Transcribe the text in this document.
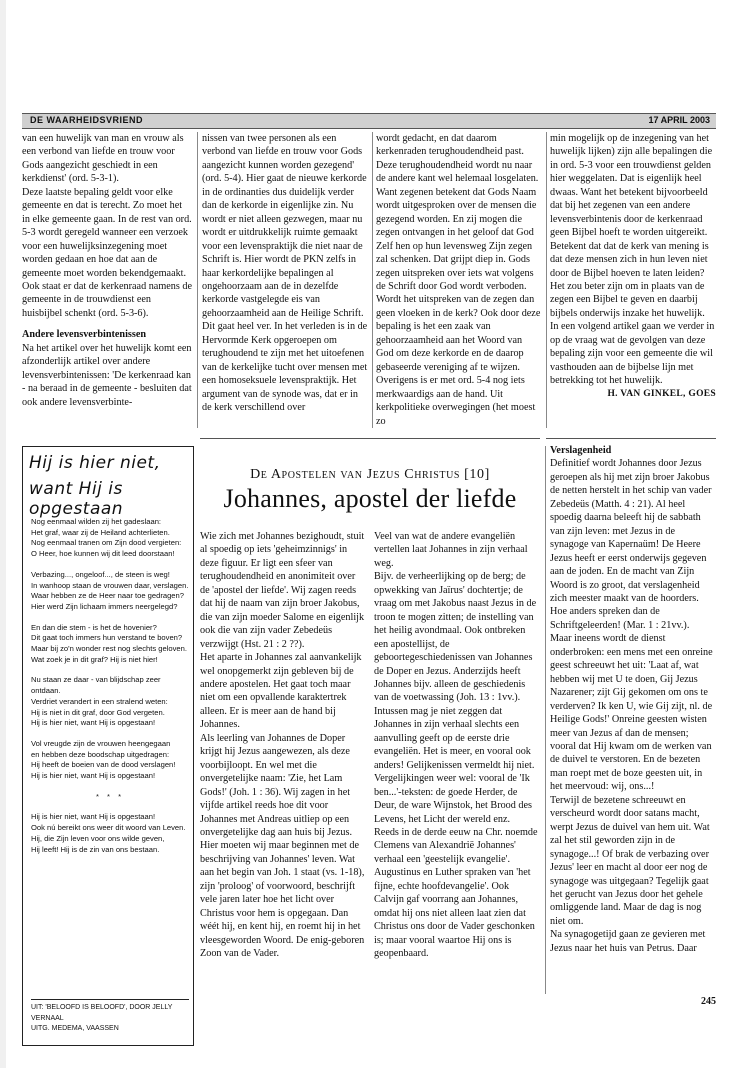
DE WAARHEIDSVRIEND	17 APRIL 2003

van een huwelijk van man en vrouw als een verbond van liefde en trouw voor Gods aangezicht geschiedt in een kerkdienst' (ord. 5-3-1).

Deze laatste bepaling geldt voor elke gemeente en dat is terecht. Zo moet het in elke gemeente gaan. In de rest van ord. 5-3 wordt geregeld wanneer een verzoek voor een huwelijksinzegening moet worden gedaan en hoe dat aan de gemeente moet worden bekendgemaakt. Ook staat er dat de kerkenraad namens de gemeente in de trouwdienst een huisbijbel schenkt (ord. 5-3-6).

Andere levensverbintenissen

Na het artikel over het huwelijk komt een afzonderlijk artikel over andere levensverbintenissen: 'De kerkenraad kan - na beraad in de gemeente - besluiten dat ook andere levensverbinte-

nissen van twee personen als een verbond van liefde en trouw voor Gods aangezicht kunnen worden gezegend' (ord. 5-4). Hier gaat de nieuwe kerkorde in de ordinanties dus duidelijk verder dan de kerkorde in eigenlijke zin. Nu wordt er niet alleen gezwegen, maar nu wordt er uitdrukkelijk ruimte gemaakt voor een levenspraktijk die niet naar de Schrift is. Hier wordt de PKN zelfs in haar kerkordelijke bepalingen al ongehoorzaam aan de in dezelfde kerkorde vastgelegde eis van gehoorzaamheid aan de Heilige Schrift.

Dit gaat heel ver. In het verleden is in de Hervormde Kerk opgeroepen om terughoudend te zijn met het uitoefenen van de kerkelijke tucht over mensen met een homoseksuele levenspraktijk. Het argument van de synode was, dat er in de kerk verschillend over

wordt gedacht, en dat daarom kerkenraden terughoudendheid past. Deze terughoudendheid wordt nu naar de andere kant wel helemaal losgelaten. Want zegenen betekent dat Gods Naam wordt uitgesproken over de mensen die gezegend worden. En zij mogen die zegen ontvangen in het geloof dat God Zelf hen op hun levensweg Zijn zegen zal schenken. Dat grijpt diep in. Gods zegen uitspreken over iets wat volgens de Schrift door God wordt verboden. Wordt het uitspreken van de zegen dan geen vloeken in de kerk? Ook door deze bepaling is het een zaak van gehoorzaamheid aan het Woord van God om deze kerkorde en de daarop gebaseerde vereniging af te wijzen.

Overigens is er met ord. 5-4 nog iets merkwaardigs aan de hand. Uit kerkpolitieke overwegingen (het moest zo

min mogelijk op de inzegening van het huwelijk lijken) zijn alle bepalingen die in ord. 5-3 voor een trouwdienst gelden hier weggelaten. Dat is eigenlijk heel dwaas. Want het betekent bijvoorbeeld dat bij het zegenen van een andere levensverbintenis door de kerkenraad geen Bijbel hoeft te worden uitgereikt. Betekent dat dat de kerk van mening is dat deze mensen zich in hun leven niet door de Bijbel hoeven te laten leiden? Het zou beter zijn om in plaats van de zegen een Bijbel te geven en daarbij bijbels onderwijs inzake het huwelijk.

In een volgend artikel gaan we verder in op de vraag wat de gevolgen van deze bepaling zijn voor een gemeente die wil vasthouden aan de bijbelse lijn met betrekking tot het huwelijk.

H. VAN GINKEL, GOES

Hij is hier niet,
want Hij is opgestaan
Nog eenmaal wilden zij het gadeslaan:
Het graf, waar zij de Heiland achterlieten.
Nog eenmaal tranen om Zijn dood vergieten:
O Heer, hoe kunnen wij dit leed doorstaan!
Verbazing..., ongeloof..., de steen is weg!
In wanhoop staan de vrouwen daar, verslagen.
Waar hebben ze de Heer naar toe gedragen?
Hier werd Zijn lichaam immers neergelegd?
En dan die stem - is het de hovenier?
Dit gaat toch immers hun verstand te boven?
Maar bij zo'n wonder rest nog slechts geloven.
Wat zoek je in dit graf? Hij is niet hier!
Nu staan ze daar - van blijdschap zeer ontdaan.
Verdriet verandert in een stralend weten:
Hij is niet in dit graf, door God vergeten.
Hij is hier niet, want Hij is opgestaan!
Vol vreugde zijn de vrouwen heengegaan
en hebben deze boodschap uitgedragen:
Hij heeft de boeien van de dood verslagen!
Hij is hier niet, want Hij is opgestaan!
* * *
Hij is hier niet, want Hij is opgestaan!
Ook nú bereikt ons weer dit woord van Leven.
Hij, die Zijn leven voor ons wilde geven,
Hij leeft! Hij is de zin van ons bestaan.
UIT: 'BELOOFD IS BELOOFD', DOOR JELLY VERNAAL
UITG. MEDEMA, VAASSEN
De Apostelen van Jezus Christus [10]
Johannes, apostel der liefde

Wie zich met Johannes bezighoudt, stuit al spoedig op iets 'geheimzinnigs' in deze figuur. Er ligt een sfeer van terughoudendheid en anonimiteit over de 'apostel der liefde'. Wij zagen reeds dat hij de naam van zijn broer Jakobus, die van zijn moeder Salome en eigenlijk ook die van zijn vader Zebedeüs verzwijgt (Hst. 21 : 2 ??).

Het aparte in Johannes zal aanvankelijk wel onopgemerkt zijn gebleven bij de andere apostelen. Het gaat toch maar niet om een opvallende karaktertrek alleen. Er is meer aan de hand bij Johannes.

Als leerling van Johannes de Doper krijgt hij Jezus aangewezen, als deze voorbijloopt. En wel met die onvergetelijke naam: 'Zie, het Lam Gods!' (Joh. 1 : 36). Wij zagen in het vijfde artikel reeds hoe dit voor Johannes met Andreas uitliep op een onvergetelijke dag aan huis bij Jezus.

Hier moeten wij maar beginnen met de beschrijving van Johannes' leven. Wat aan het begin van Joh. 1 staat (vs. 1-18), zijn 'proloog' of voorwoord, beschrijft vele jaren later hoe het licht over Christus voor hem is opgegaan. Dan wéét hij, en kent hij, en roemt hij in het vleesgeworden Woord. De enig-geboren Zoon van de Vader.

Veel van wat de andere evangeliën vertellen laat Johannes in zijn verhaal weg.

Bijv. de verheerlijking op de berg; de opwekking van Jaïrus' dochtertje; de vraag om met Jakobus naast Jezus in de troon te mogen zitten; de instelling van het heilig avondmaal. Ook ontbreken een apostellijst, de geboortegeschiedenissen van Johannes de Doper en Jezus. Anderzijds heeft Johannes bijv. alleen de geschiedenis van de voetwassing (Joh. 13 : 1vv.).

Intussen mag je niet zeggen dat Johannes in zijn verhaal slechts een aanvulling geeft op de eerste drie evangeliën. Het is meer, en vooral ook anders! Gelijkenissen vermeldt hij niet. Vergelijkingen weer wel: vooral de 'Ik ben...'-teksten: de goede Herder, de Deur, de ware Wijnstok, het Brood des Levens, het Licht der wereld enz.

Reeds in de derde eeuw na Chr. noemde Clemens van Alexandrië Johannes' verhaal een 'geestelijk evangelie'. Augustinus en Luther spraken van 'het fijne, echte hoofdevangelie'. Ook Calvijn gaf voorrang aan Johannes, omdat hij ons niet alleen laat zien dat Christus ons door de Vader geschonken is; maar vooral waartoe Hij ons is geopenbaard.

Verslagenheid

Definitief wordt Johannes door Jezus geroepen als hij met zijn broer Jakobus de netten herstelt in het schip van vader Zebedeüs (Matth. 4 : 21). Al heel spoedig daarna beleeft hij de sabbath van zijn leven: met Jezus in de synagoge van Kapernaüm! De Heere Jezus heeft er eerst onderwijs gegeven aan de joden. En de macht van Zijn Woord is zo groot, dat verslagenheid zich meester maakt van de hoorders. Hoe anders spreken dan de Schriftgeleerden! (Mar. 1 : 21vv.).

Maar ineens wordt de dienst onderbroken: een mens met een onreine geest schreeuwt het uit: 'Laat af, wat hebben wij met U te doen, Gij Jezus Nazarener; zijt Gij gekomen om ons te verderven? Ik ken U, wie Gij zijt, nl. de Heilige Gods!' Onreine geesten wisten meer van Jezus af dan de mensen; vooral dat Hij kwam om de werken van de duivel te verstoren. En de bezeten man roept met de boze geesten uit, in het meervoud: wij, ons...!

Terwijl de bezetene schreeuwt en verscheurd wordt door satans macht, werpt Jezus de duivel van hem uit. Wat zal het stil geworden zijn in de synagoge...! Of brak de verbazing over Jezus' leer en macht al door eer nog de synagoge was uitgegaan? Tegelijk gaat het gerucht van Jezus door het gehele omliggende land. Maar de dag is nog niet om.

Na synagogetijd gaan ze gevieren met Jezus naar het huis van Petrus. Daar

245
